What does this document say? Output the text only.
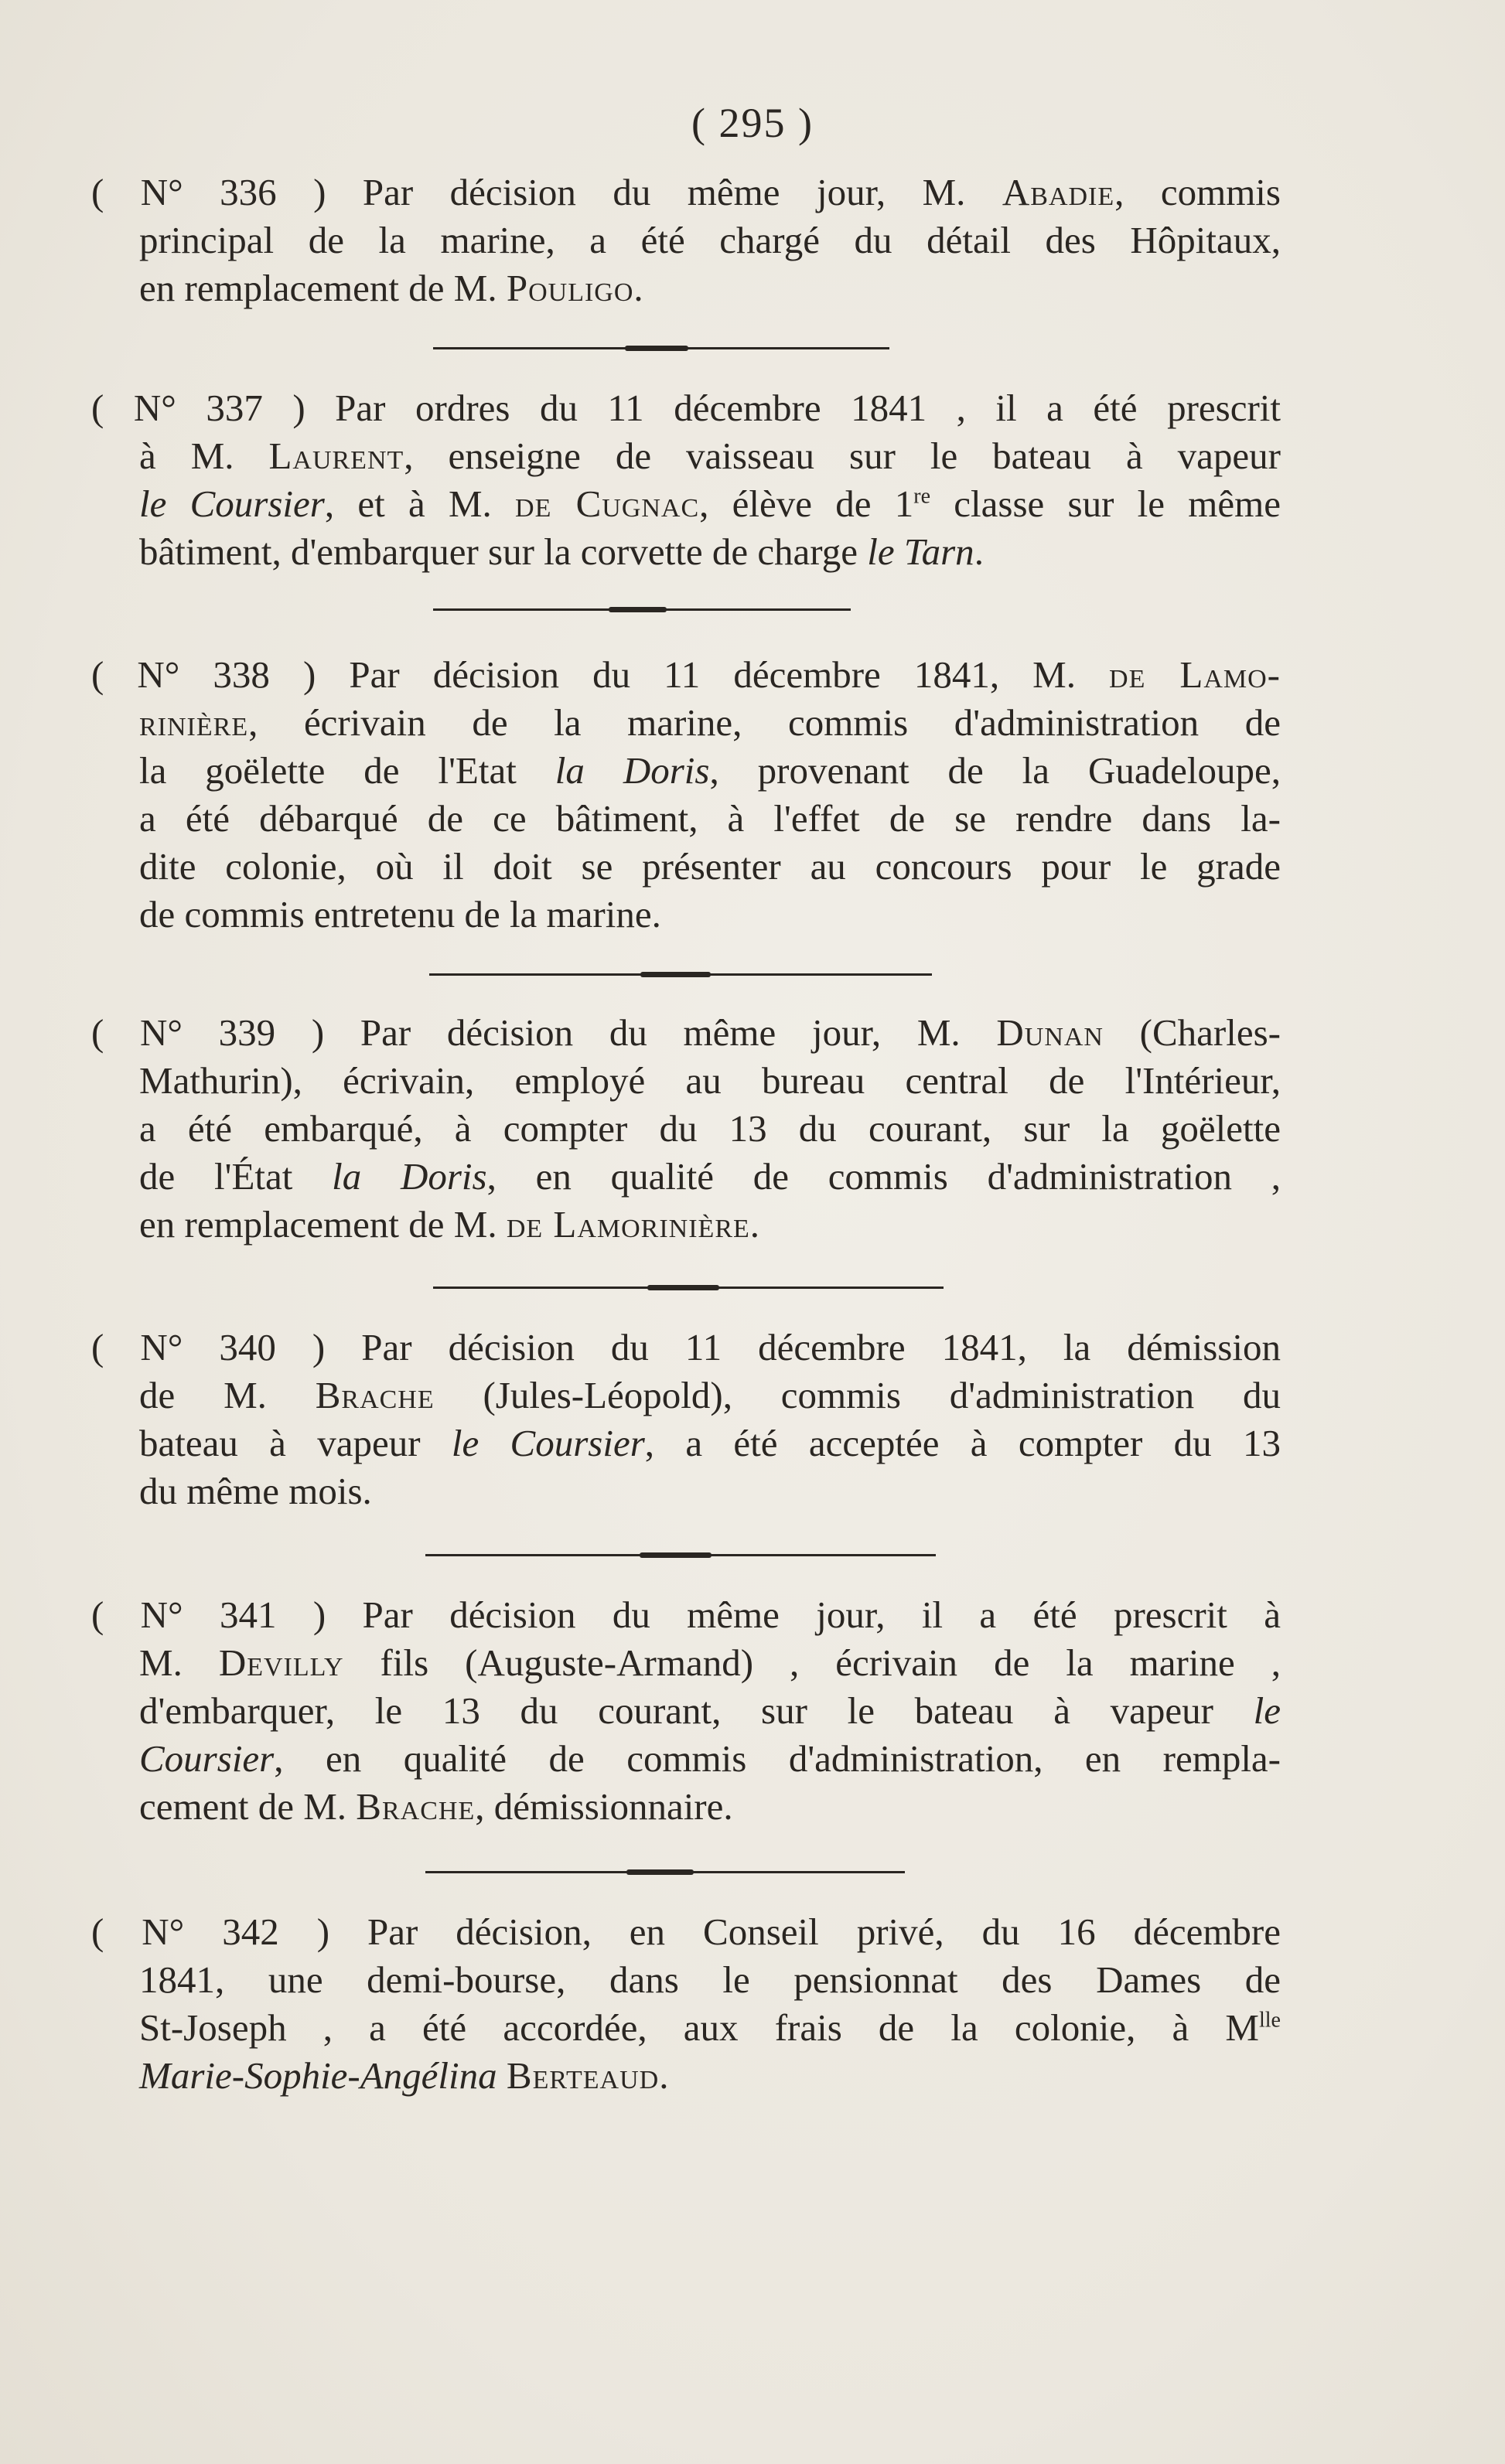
( 295 )
( N° 336 ) Par décision du même jour, M. Abadie, commis
principal de la marine, a été chargé du détail des Hôpitaux,
en remplacement de M. Pouligo.
( N° 337 ) Par ordres du 11 décembre 1841 , il a été prescrit
à M. Laurent, enseigne de vaisseau sur le bateau à vapeur
le Coursier, et à M. de Cugnac, élève de 1re classe sur le même
bâtiment, d'embarquer sur la corvette de charge le Tarn.
( N° 338 ) Par décision du 11 décembre 1841, M. de Lamo-
rinière, écrivain de la marine, commis d'administration de
la goëlette de l'Etat la Doris, provenant de la Guadeloupe,
a été débarqué de ce bâtiment, à l'effet de se rendre dans la-
dite colonie, où il doit se présenter au concours pour le grade
de commis entretenu de la marine.
( N° 339 ) Par décision du même jour, M. Dunan (Charles-
Mathurin), écrivain, employé au bureau central de l'Intérieur,
a été embarqué, à compter du 13 du courant, sur la goëlette
de l'État la Doris, en qualité de commis d'administration ,
en remplacement de M. de Lamorinière.
( N° 340 ) Par décision du 11 décembre 1841, la démission
de M. Brache (Jules-Léopold), commis d'administration du
bateau à vapeur le Coursier, a été acceptée à compter du 13
du même mois.
( N° 341 ) Par décision du même jour, il a été prescrit à
M. Devilly fils (Auguste-Armand) , écrivain de la marine ,
d'embarquer, le 13 du courant, sur le bateau à vapeur le
Coursier, en qualité de commis d'administration, en rempla-
cement de M. Brache, démissionnaire.
( N° 342 ) Par décision, en Conseil privé, du 16 décembre
1841, une demi-bourse, dans le pensionnat des Dames de
St-Joseph , a été accordée, aux frais de la colonie, à $M^{lle}$
Marie-Sophie-Angélina Berteaud.
